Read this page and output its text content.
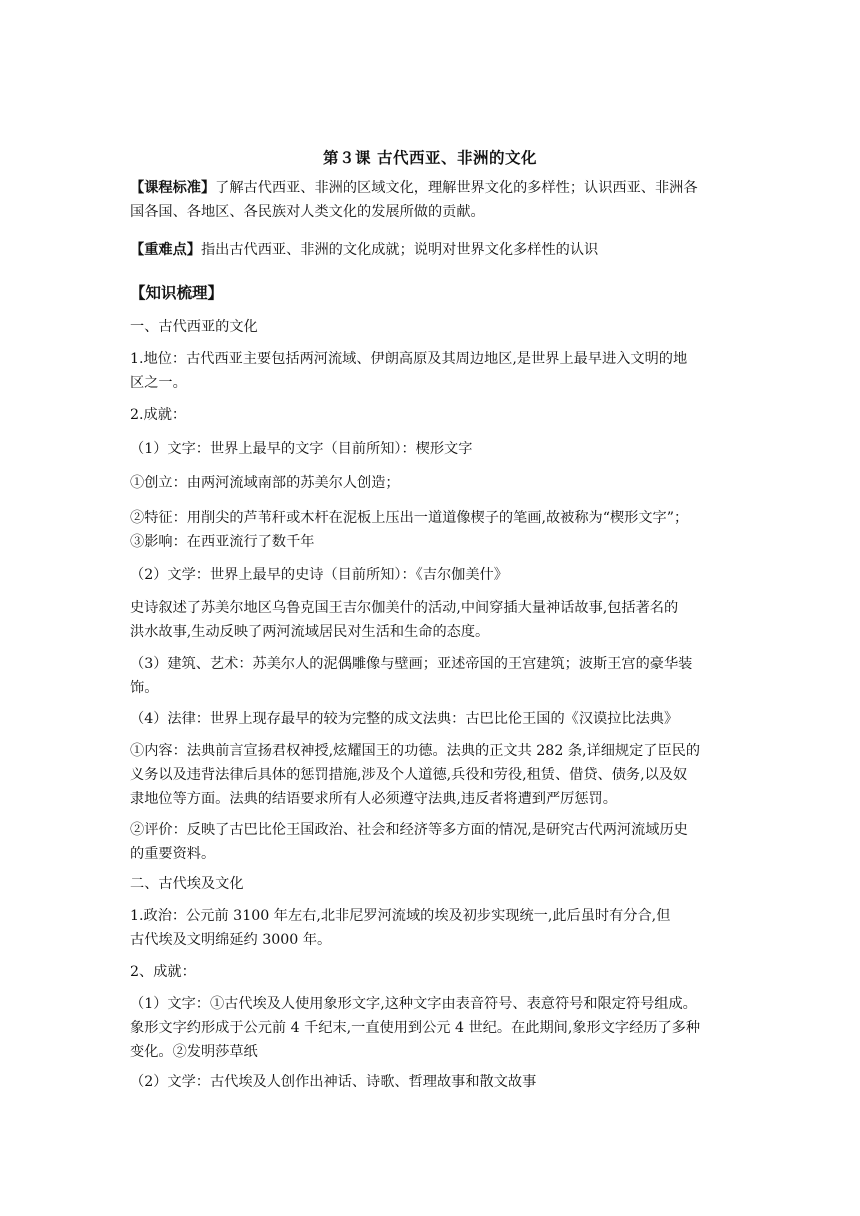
第３课 古代西亚、非洲的文化
【课程标准】了解古代西亚、非洲的区域文化，理解世界文化的多样性；认识西亚、非洲各
国各国、各地区、各民族对人类文化的发展所做的贡献。
【重难点】指出古代西亚、非洲的文化成就；说明对世界文化多样性的认识
【知识梳理】
一、古代西亚的文化
1.地位：古代西亚主要包括两河流域、伊朗高原及其周边地区,是世界上最早进入文明的地
区之一。
2.成就：
（1）文字：世界上最早的文字（目前所知）：楔形文字
①创立：由两河流域南部的苏美尔人创造；
②特征：用削尖的芦苇秆或木杆在泥板上压出一道道像楔子的笔画,故被称为“楔形文字”；
③影响：在西亚流行了数千年
（2）文学：世界上最早的史诗（目前所知）：《吉尔伽美什》
史诗叙述了苏美尔地区乌鲁克国王吉尔伽美什的活动,中间穿插大量神话故事,包括著名的
洪水故事,生动反映了两河流域居民对生活和生命的态度。
（3）建筑、艺术：苏美尔人的泥偶雕像与壁画；亚述帝国的王宫建筑；波斯王宫的豪华装
饰。
（4）法律：世界上现存最早的较为完整的成文法典：古巴比伦王国的《汉谟拉比法典》
①内容：法典前言宣扬君权神授,炫耀国王的功德。法典的正文共 282 条,详细规定了臣民的
义务以及违背法律后具体的惩罚措施,涉及个人道德,兵役和劳役,租赁、借贷、债务,以及奴
隶地位等方面。法典的结语要求所有人必须遵守法典,违反者将遭到严厉惩罚。
②评价：反映了古巴比伦王国政治、社会和经济等多方面的情况,是研究古代两河流域历史
的重要资料。
二、古代埃及文化
1.政治：公元前 3100 年左右,北非尼罗河流域的埃及初步实现统一,此后虽时有分合,但
古代埃及文明绵延约 3000 年。
2、成就：
（1）文字：①古代埃及人使用象形文字,这种文字由表音符号、表意符号和限定符号组成。
象形文字约形成于公元前 4 千纪末,一直使用到公元 4 世纪。在此期间,象形文字经历了多种
变化。②发明莎草纸
（2）文学：古代埃及人创作出神话、诗歌、哲理故事和散文故事
